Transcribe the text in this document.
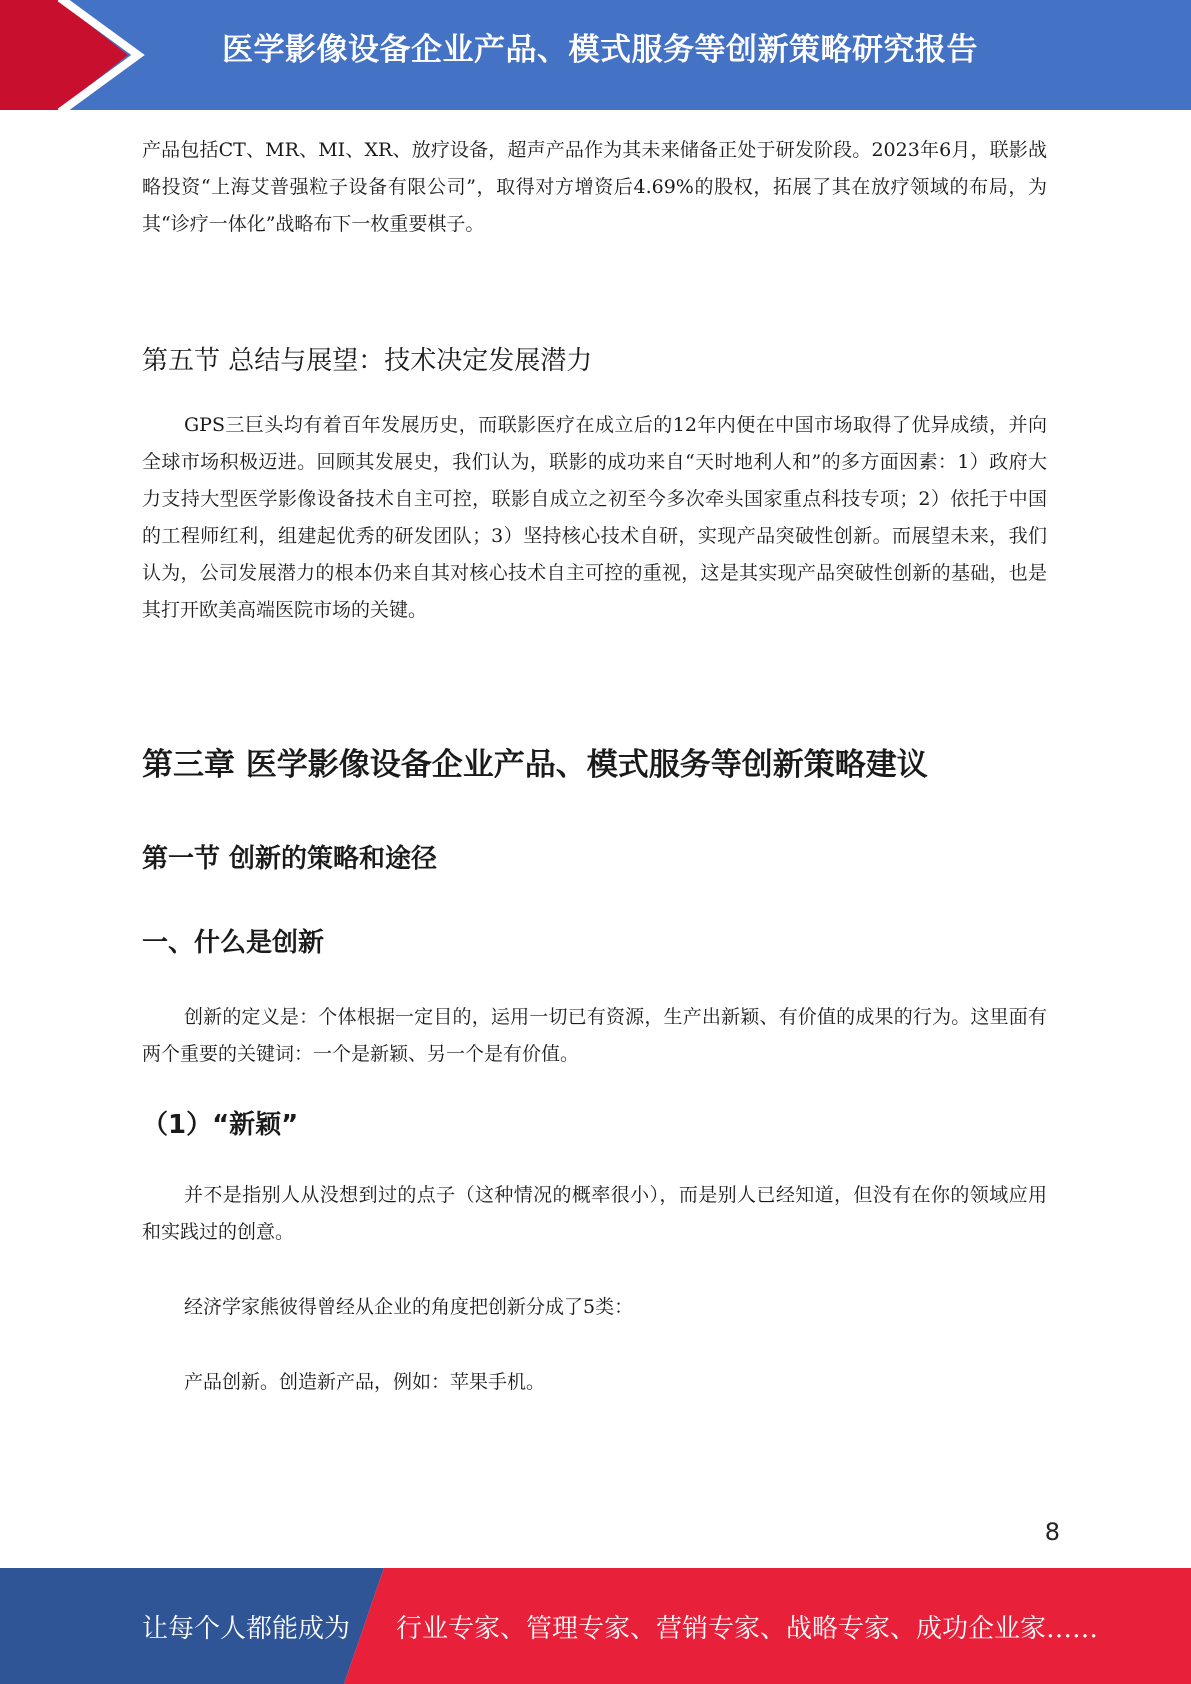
医学影像设备企业产品、模式服务等创新策略研究报告

产品包括CT、MR、MI、XR、放疗设备，超声产品作为其未来储备正处于研发阶段。2023年6月，联影战略投资“上海艾普强粒子设备有限公司”，取得对方增资后4.69%的股权，拓展了其在放疗领域的布局，为其“诊疗一体化”战略布下一枚重要棋子。

第五节 总结与展望：技术决定发展潜力

GPS三巨头均有着百年发展历史，而联影医疗在成立后的12年内便在中国市场取得了优异成绩，并向全球市场积极迈进。回顾其发展史，我们认为，联影的成功来自“天时地利人和”的多方面因素：1）政府大力支持大型医学影像设备技术自主可控，联影自成立之初至今多次牵头国家重点科技专项；2）依托于中国的工程师红利，组建起优秀的研发团队；3）坚持核心技术自研，实现产品突破性创新。而展望未来，我们认为，公司发展潜力的根本仍来自其对核心技术自主可控的重视，这是其实现产品突破性创新的基础，也是其打开欧美高端医院市场的关键。

第三章 医学影像设备企业产品、模式服务等创新策略建议
第一节 创新的策略和途径
一、什么是创新

创新的定义是：个体根据一定目的，运用一切已有资源，生产出新颖、有价值的成果的行为。这里面有两个重要的关键词：一个是新颖、另一个是有价值。

（1）“新颖”

并不是指别人从没想到过的点子（这种情况的概率很小），而是别人已经知道，但没有在你的领域应用和实践过的创意。

经济学家熊彼得曾经从企业的角度把创新分成了5类：

产品创新。创造新产品，例如：苹果手机。

8
让每个人都能成为 行业专家、管理专家、营销专家、战略专家、成功企业家……
